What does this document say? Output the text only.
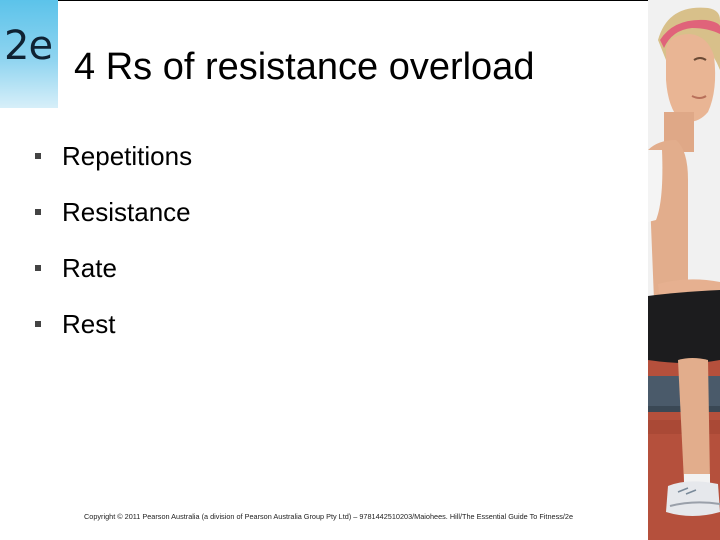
2e 4 Rs of resistance overload
Repetitions
Resistance
Rate
Rest
Copyright © 2011 Pearson Australia (a division of Pearson Australia Group Pty Ltd) – 9781442510203/Maiohees. Hill/The Essential Guide To Fitness/2e
